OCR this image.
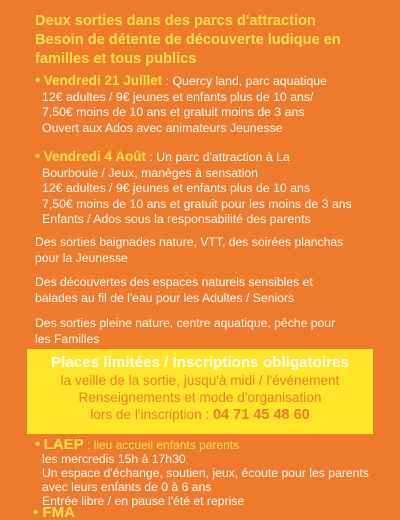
Deux sorties dans des parcs d'attraction
Besoin de détente de découverte ludique en
familles et tous publics
• Vendredi 21 Juillet : Quercy land, parc aquatique
12€ adultes / 9€ jeunes et enfants plus de 10 ans/
7,50€ moins de 10 ans et gratuit moins de 3 ans
Ouvert aux Ados avec animateurs Jeunesse
• Vendredi 4 Août : Un parc d'attraction à La
Bourboule / Jeux, manèges à sensation
12€ adultes / 9€ jeunes et enfants plus de 10 ans
7,50€ moins de 10 ans et gratuit pour les moins de 3 ans
Enfants / Ados sous la responsabilité des parents
Des sorties baignades nature, VTT, des soirées planchas
pour la Jeunesse
Des découvertes des espaces naturels sensibles et
balades au fil de l'eau pour les Adultes / Seniors
Des sorties pleine nature, centre aquatique, pêche pour
les Familles
Places limitées / Inscriptions obligatoires
la veille de la sortie, jusqu'à midi / l'événement
Renseignements et mode d'organisation
lors de l'inscription : 04 71 45 48 60
• LAEP : lieu accueil enfants parents
les mercredis 15h à 17h30
Un espace d'échange, soutien, jeux, écoute pour les parents
avec leurs enfants de 0 à 6 ans
Entrée libre / en pause l'été et reprise
• FMA
